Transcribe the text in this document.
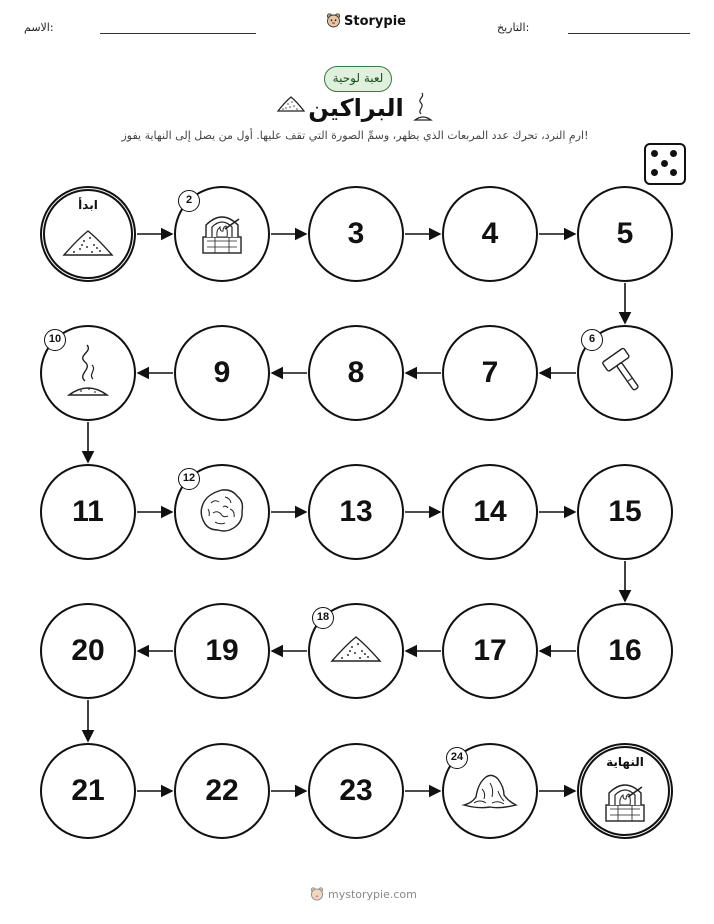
الاسم:	Storypie	التاريخ:
لعبة لوحية
البراكين
ارمِ النرد، تحرك عدد المربعات الذي يظهر، وسمِّ الصورة التي تقف عليها. أول من يصل إلى النهاية يفوز!
ابدأ	2
3	4	5
6
7
8
9
10
11
12
13	14	15
16
17
18
19
20
21	22	23
24	النهاية
mystorypie.com
